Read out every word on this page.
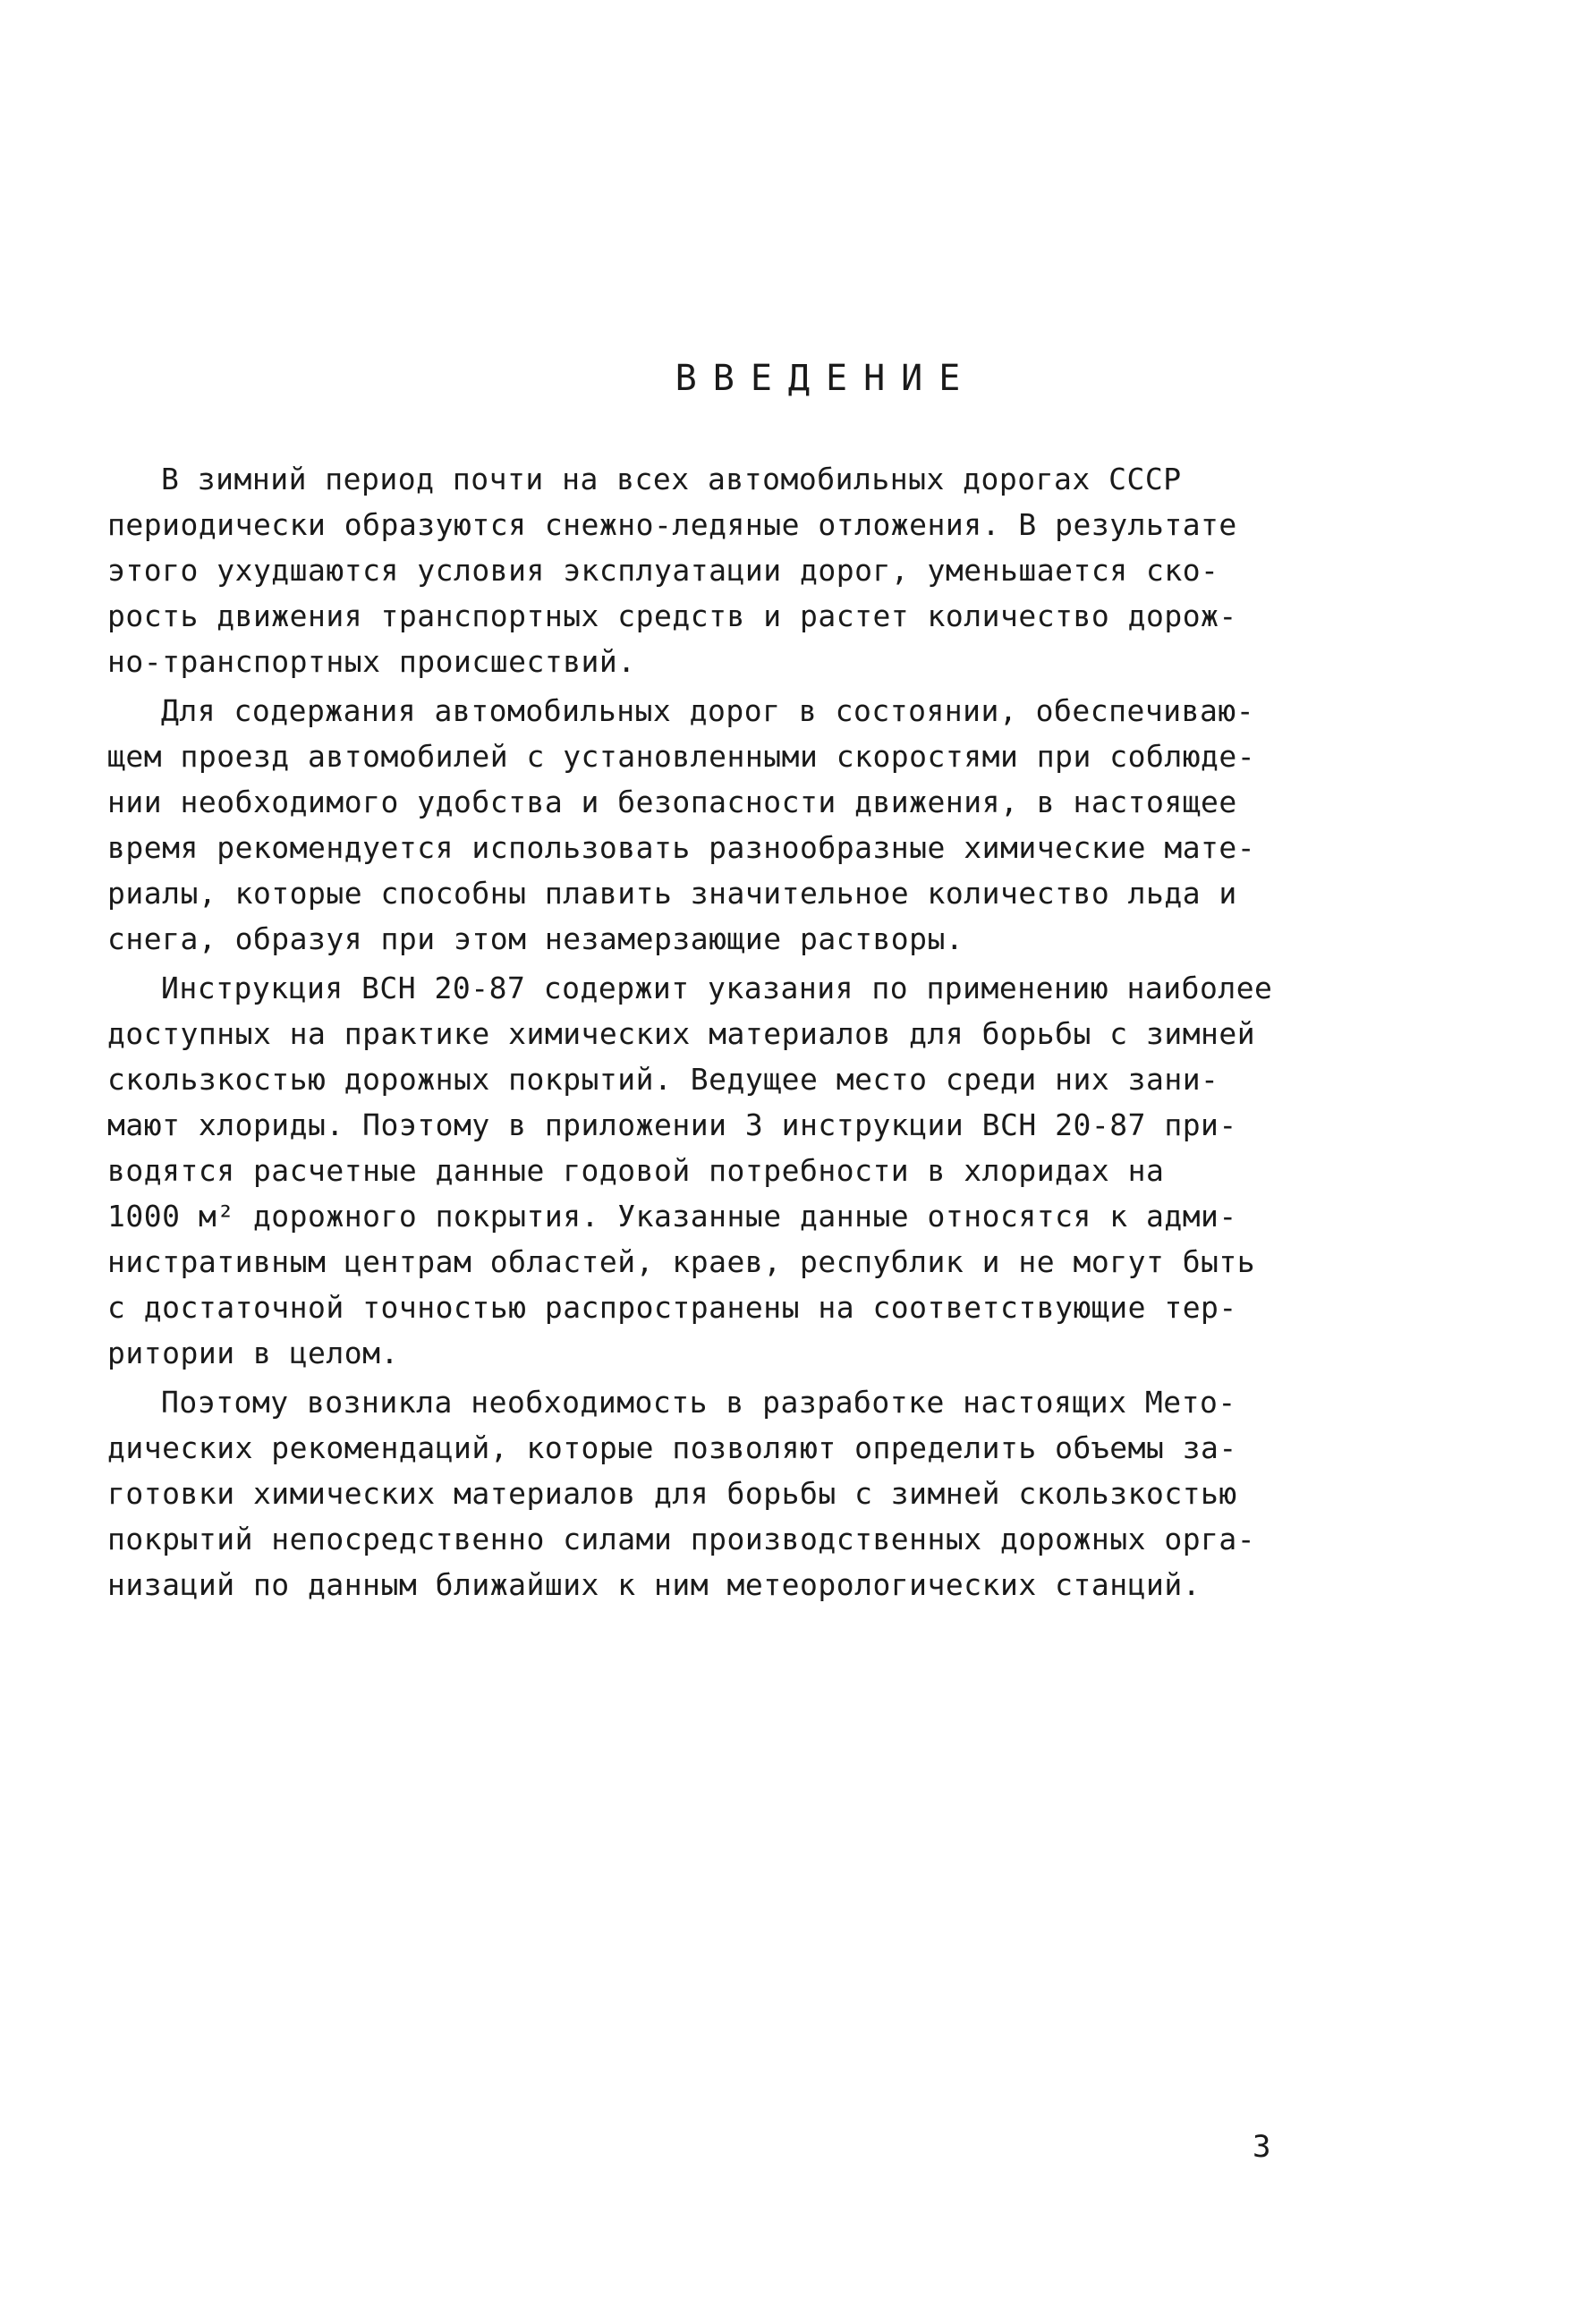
ВВЕДЕНИЕ
В зимний период почти на всех автомобильных дорогах СССР
периодически образуются снежно-ледяные отложения. В результате
этого ухудшаются условия эксплуатации дорог, уменьшается ско-
рость движения транспортных средств и растет количество дорож-
но-транспортных происшествий.
Для содержания автомобильных дорог в состоянии, обеспечиваю-
щем проезд автомобилей с установленными скоростями при соблюде-
нии необходимого удобства и безопасности движения, в настоящее
время рекомендуется использовать разнообразные химические мате-
риалы, которые способны плавить значительное количество льда и
снега, образуя при этом незамерзающие растворы.
Инструкция ВСН 20-87 содержит указания по применению наиболее
доступных на практике химических материалов для борьбы с зимней
скользкостью дорожных покрытий. Ведущее место среди них зани-
мают хлориды. Поэтому в приложении 3 инструкции ВСН 20-87 при-
водятся расчетные данные годовой потребности в хлоридах на
1000 м² дорожного покрытия. Указанные данные относятся к адми-
нистративным центрам областей, краев, республик и не могут быть
с достаточной точностью распространены на соответствующие тер-
ритории в целом.
Поэтому возникла необходимость в разработке настоящих Мето-
дических рекомендаций, которые позволяют определить объемы за-
готовки химических материалов для борьбы с зимней скользкостью
покрытий непосредственно силами производственных дорожных орга-
низаций по данным ближайших к ним метеорологических станций.
3
